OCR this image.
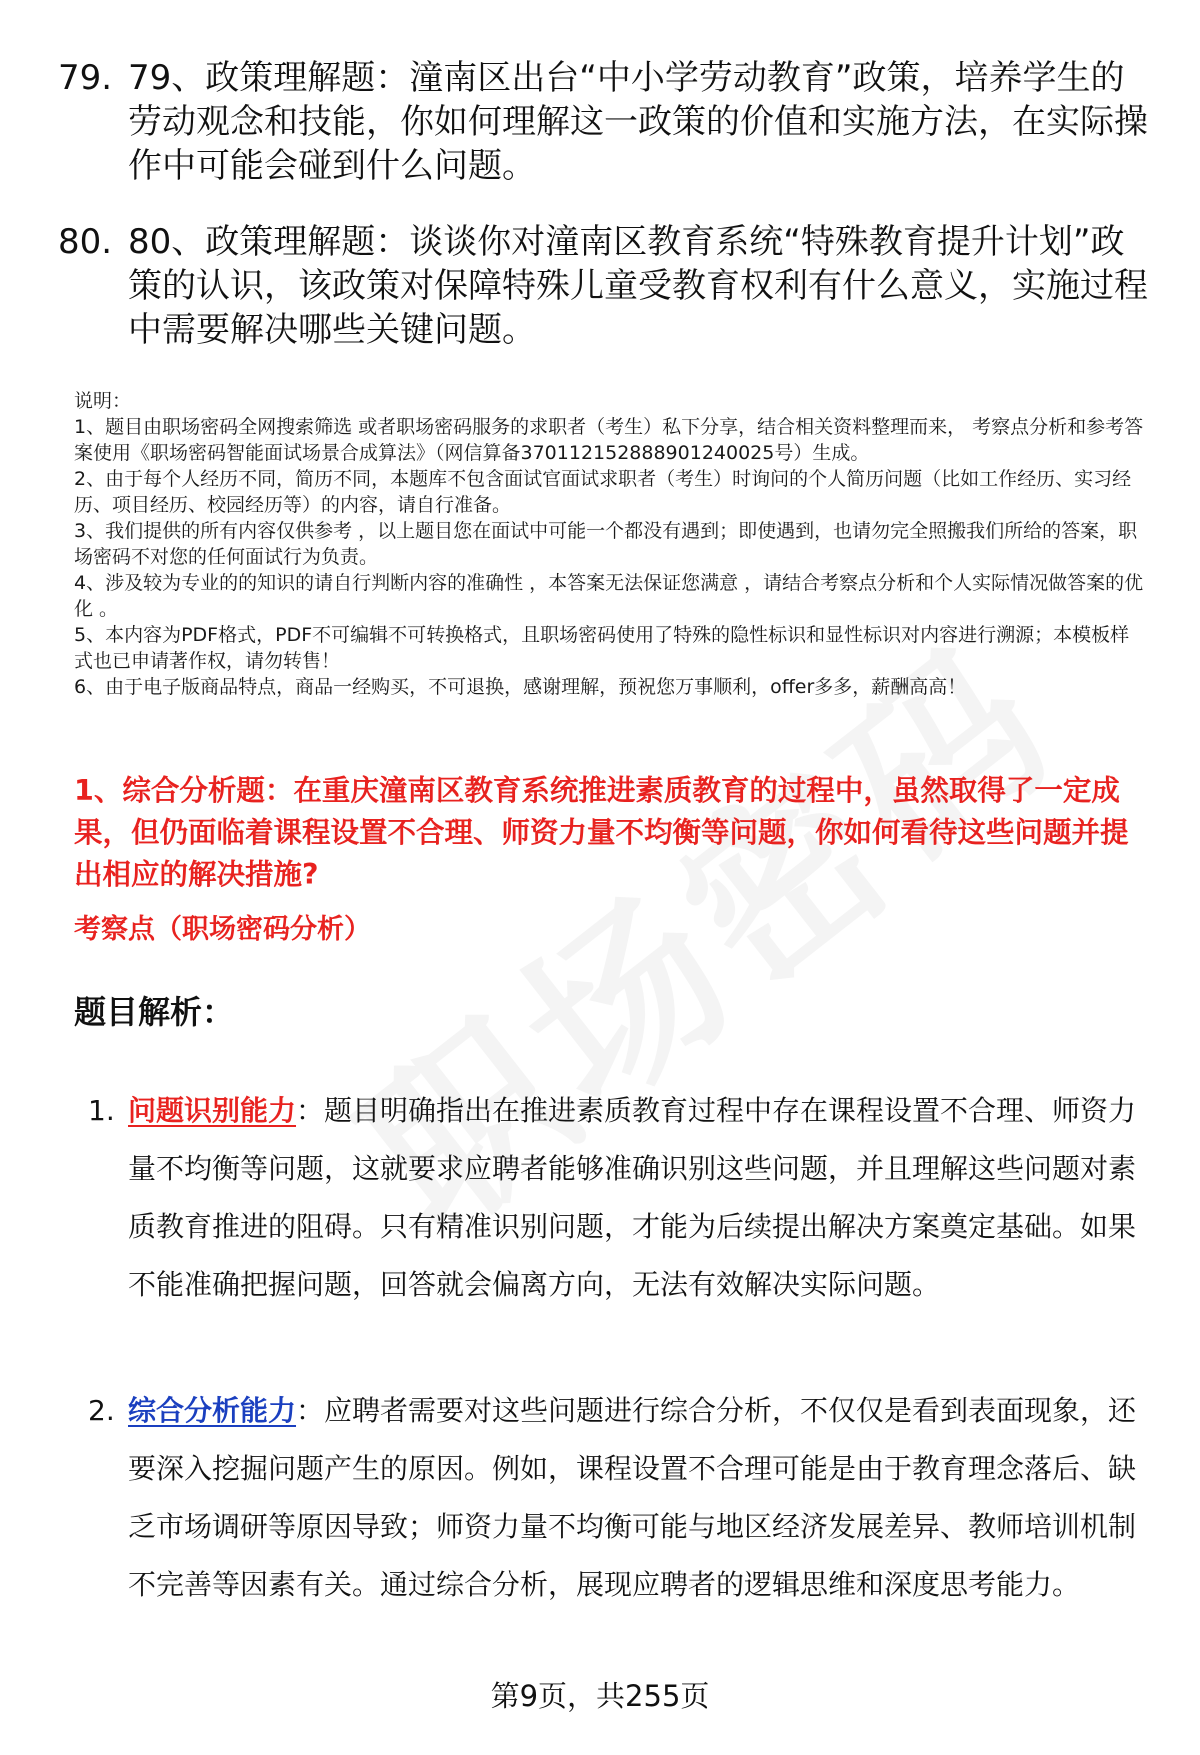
79. 79、政策理解题：潼南区出台“中小学劳动教育”政策，培养学生的劳动观念和技能，你如何理解这一政策的价值和实施方法，在实际操作中可能会碰到什么问题。
80. 80、政策理解题：谈谈你对潼南区教育系统“特殊教育提升计划”政策的认识，该政策对保障特殊儿童受教育权利有什么意义，实施过程中需要解决哪些关键问题。

说明：

1、题目由职场密码全网搜索筛选 或者职场密码服务的求职者（考生）私下分享，结合相关资料整理而来， 考察点分析和参考答案使用《职场密码智能面试场景合成算法》（网信算备370112152888901240025号）生成。

2、由于每个人经历不同，简历不同，本题库不包含面试官面试求职者（考生）时询问的个人简历问题（比如工作经历、实习经历、项目经历、校园经历等）的内容，请自行准备。

3、我们提供的所有内容仅供参考 ，以上题目您在面试中可能一个都没有遇到；即使遇到，也请勿完全照搬我们所给的答案，职场密码不对您的任何面试行为负责。

4、涉及较为专业的的知识的请自行判断内容的准确性 ，本答案无法保证您满意 ，请结合考察点分析和个人实际情况做答案的优化 。

5、本内容为PDF格式，PDF不可编辑不可转换格式，且职场密码使用了特殊的隐性标识和显性标识对内容进行溯源；本模板样式也已申请著作权，请勿转售！

6、由于电子版商品特点，商品一经购买，不可退换，感谢理解，预祝您万事顺利，offer多多，薪酬高高！

1、综合分析题：在重庆潼南区教育系统推进素质教育的过程中，虽然取得了一定成果，但仍面临着课程设置不合理、师资力量不均衡等问题，你如何看待这些问题并提出相应的解决措施?
考察点（职场密码分析）
题目解析：
1. 问题识别能力：题目明确指出在推进素质教育过程中存在课程设置不合理、师资力量不均衡等问题，这就要求应聘者能够准确识别这些问题，并且理解这些问题对素质教育推进的阻碍。只有精准识别问题，才能为后续提出解决方案奠定基础。如果不能准确把握问题，回答就会偏离方向，无法有效解决实际问题。
2. 综合分析能力：应聘者需要对这些问题进行综合分析，不仅仅是看到表面现象，还要深入挖掘问题产生的原因。例如，课程设置不合理可能是由于教育理念落后、缺乏市场调研等原因导致；师资力量不均衡可能与地区经济发展差异、教师培训机制不完善等因素有关。通过综合分析，展现应聘者的逻辑思维和深度思考能力。
第9页，共255页
